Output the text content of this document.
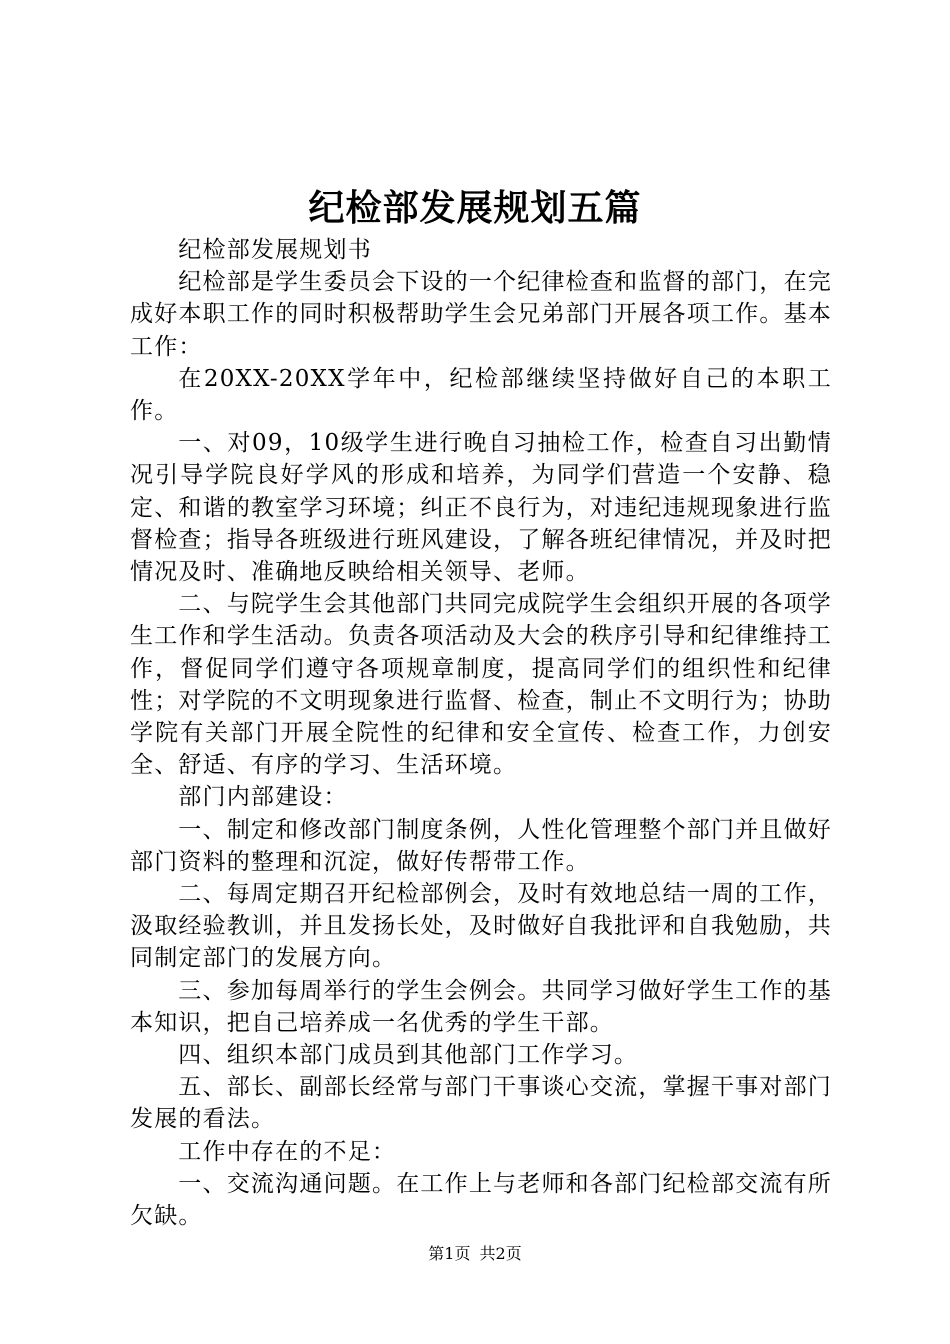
纪检部发展规划五篇

纪检部发展规划书

纪检部是学生委员会下设的一个纪律检查和监督的部门，在完成好本职工作的同时积极帮助学生会兄弟部门开展各项工作。基本工作：

在20XX-20XX学年中，纪检部继续坚持做好自己的本职工作。

一、对09，10级学生进行晚自习抽检工作，检查自习出勤情况引导学院良好学风的形成和培养，为同学们营造一个安静、稳定、和谐的教室学习环境；纠正不良行为，对违纪违规现象进行监督检查；指导各班级进行班风建设，了解各班纪律情况，并及时把情况及时、准确地反映给相关领导、老师。

二、与院学生会其他部门共同完成院学生会组织开展的各项学生工作和学生活动。负责各项活动及大会的秩序引导和纪律维持工作，督促同学们遵守各项规章制度，提高同学们的组织性和纪律性；对学院的不文明现象进行监督、检查，制止不文明行为；协助学院有关部门开展全院性的纪律和安全宣传、检查工作，力创安全、舒适、有序的学习、生活环境。

部门内部建设：

一、制定和修改部门制度条例，人性化管理整个部门并且做好部门资料的整理和沉淀，做好传帮带工作。

二、每周定期召开纪检部例会，及时有效地总结一周的工作，汲取经验教训，并且发扬长处，及时做好自我批评和自我勉励，共同制定部门的发展方向。

三、参加每周举行的学生会例会。共同学习做好学生工作的基本知识，把自己培养成一名优秀的学生干部。

四、组织本部门成员到其他部门工作学习。

五、部长、副部长经常与部门干事谈心交流，掌握干事对部门发展的看法。

工作中存在的不足：

一、交流沟通问题。在工作上与老师和各部门纪检部交流有所欠缺。

第1页 共2页
